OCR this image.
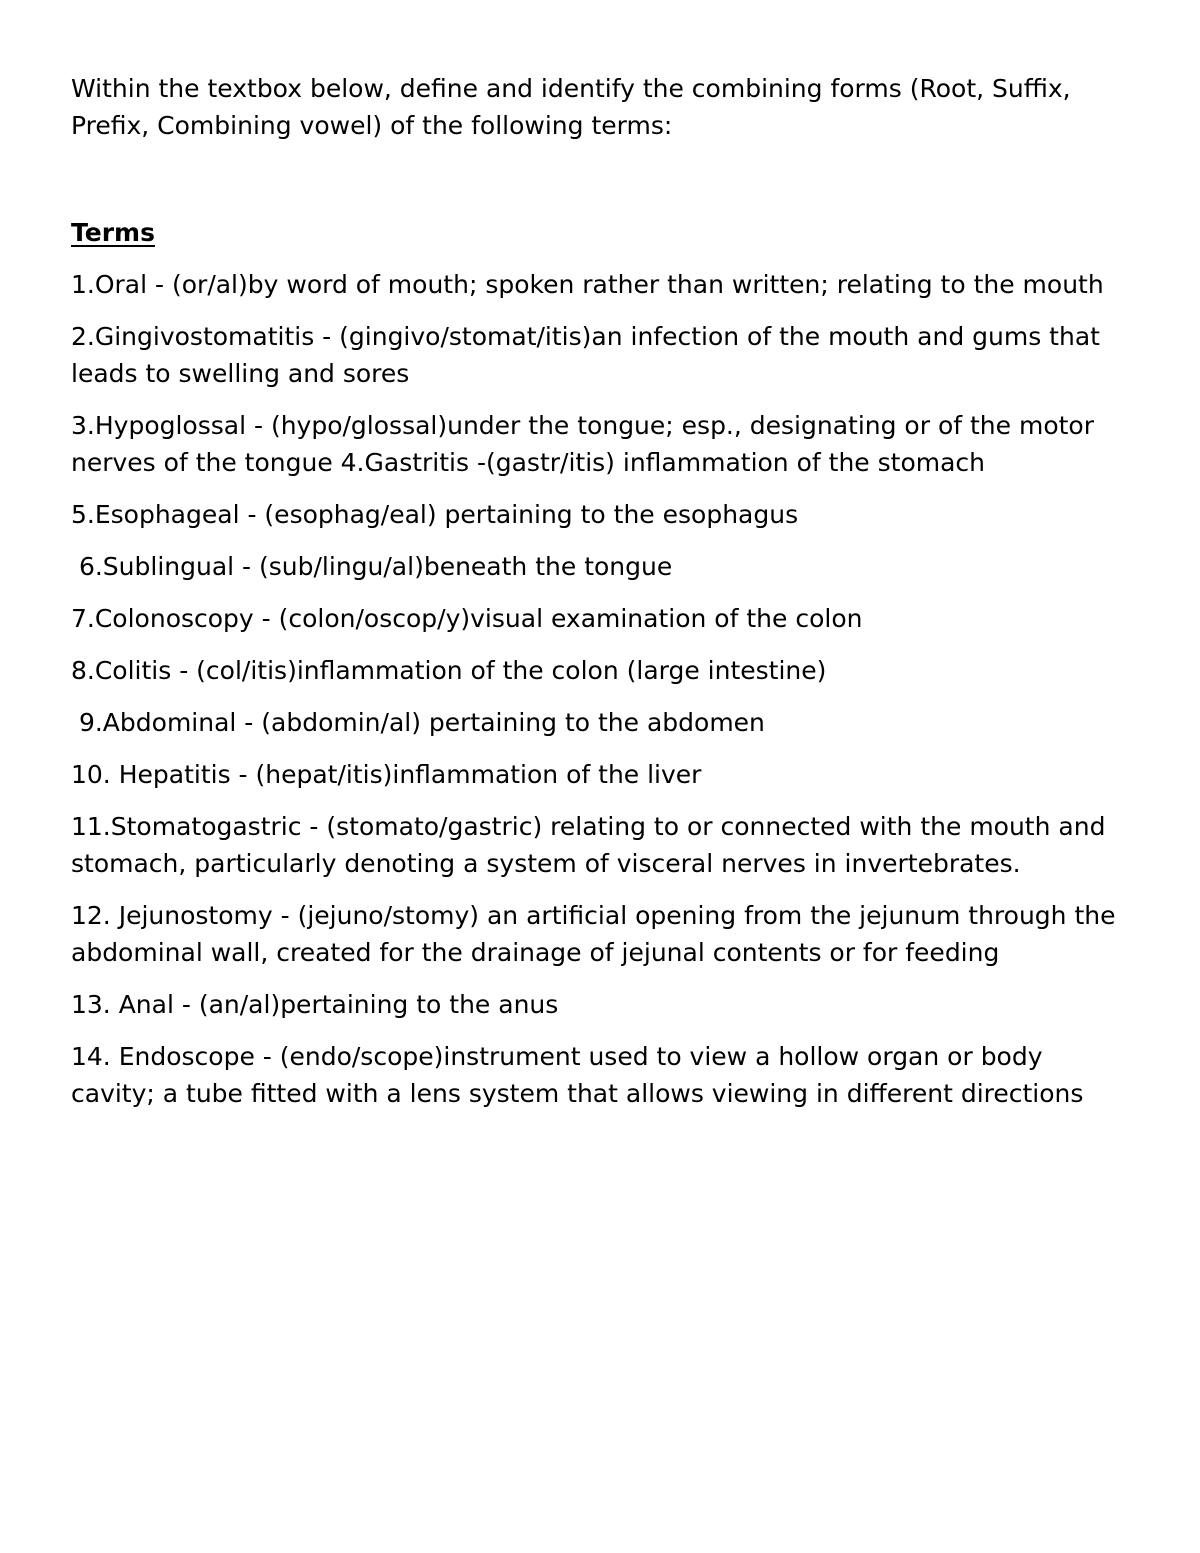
Within the textbox below, define and identify the combining forms (Root, Suffix, Prefix, Combining vowel) of the following terms:

Terms
1.Oral - (or/al)by word of mouth; spoken rather than written; relating to the mouth
2.Gingivostomatitis - (gingivo/stomat/itis)an infection of the mouth and gums that leads to swelling and sores
3.Hypoglossal - (hypo/glossal)under the tongue; esp., designating or of the motor nerves of the tongue 4.Gastritis -(gastr/itis) inflammation of the stomach
5.Esophageal - (esophag/eal) pertaining to the esophagus
6.Sublingual - (sub/lingu/al)beneath the tongue
7.Colonoscopy - (colon/oscop/y)visual examination of the colon
8.Colitis - (col/itis)inflammation of the colon (large intestine)
9.Abdominal - (abdomin/al) pertaining to the abdomen
10. Hepatitis - (hepat/itis)inflammation of the liver
11.Stomatogastric - (stomato/gastric) relating to or connected with the mouth and stomach, particularly denoting a system of visceral nerves in invertebrates.
12. Jejunostomy - (jejuno/stomy) an artificial opening from the jejunum through the abdominal wall, created for the drainage of jejunal contents or for feeding
13. Anal - (an/al)pertaining to the anus
14. Endoscope - (endo/scope)instrument used to view a hollow organ or body cavity; a tube fitted with a lens system that allows viewing in different directions
